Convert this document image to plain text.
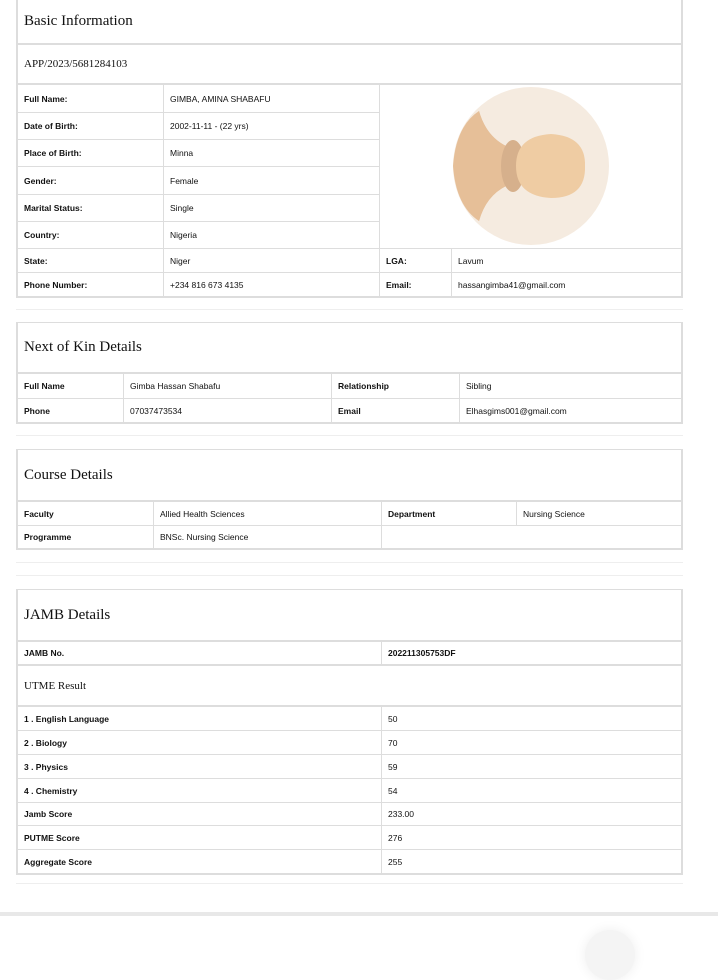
Basic Information
APP/2023/5681284103
Full Name:	GIMBA, AMINA SHABAFU	
Date of Birth:	2002-11-11 - (22 yrs)		
Place of Birth:	Minna		
Gender:	Female		
Marital Status:	Single		
Country:	Nigeria		
State:	Niger	LGA:	Lavum
Phone Number:	+234 816 673 4135	Email:	hassangimba41@gmail.com
Next of Kin Details
Full Name	Gimba Hassan Shabafu	Relationship	Sibling
Phone	07037473534	Email	Elhasgims001@gmail.com
Course Details
Faculty	Allied Health Sciences	Department	Nursing Science
Programme	BNSc. Nursing Science		
JAMB Details
JAMB No.	202211305753DF
UTME Result
1 . English Language	50
2 . Biology	70
3 . Physics	59
4 . Chemistry	54
Jamb Score	233.00
PUTME Score	276
Aggregate Score	255
